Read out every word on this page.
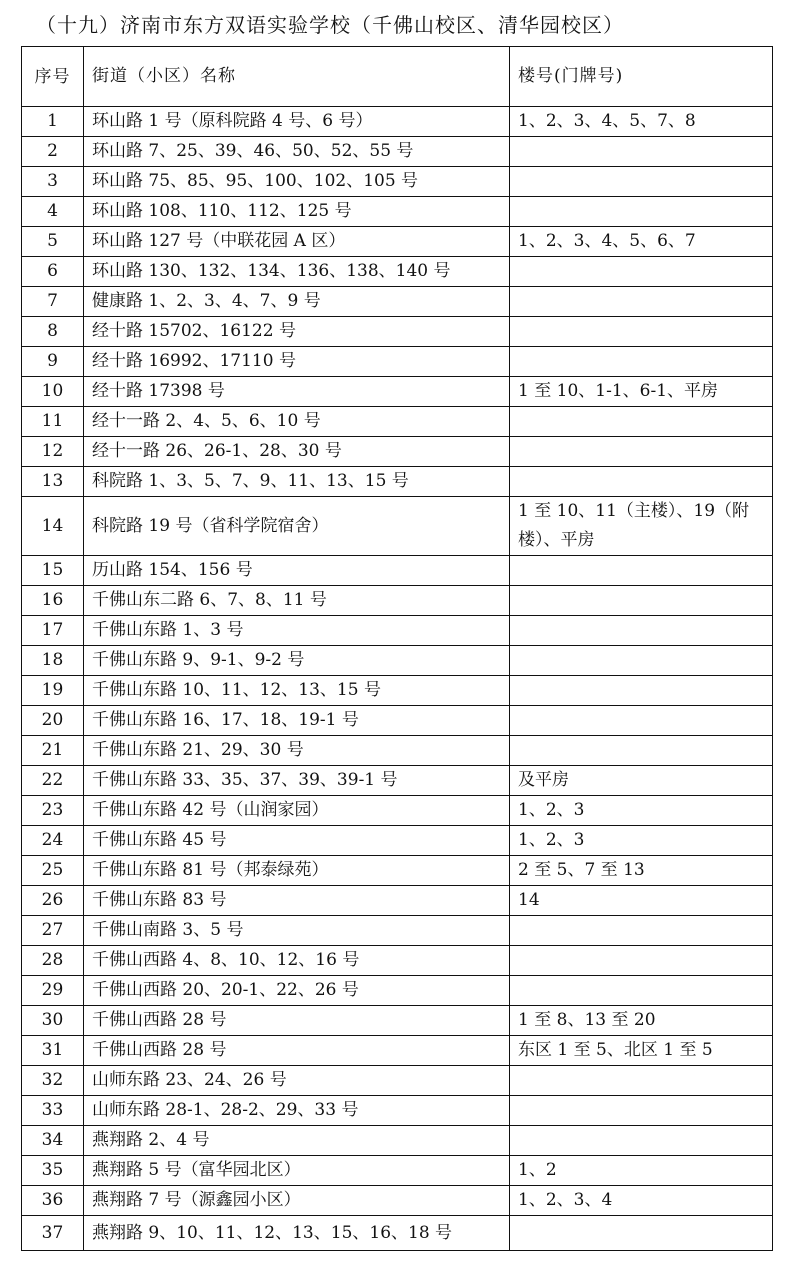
（十九）济南市东方双语实验学校（千佛山校区、清华园校区）
序号	街道（小区）名称	楼号(门牌号)
1	环山路 1 号（原科院路 4 号、6 号）	1、2、3、4、5、7、8
2	环山路 7、25、39、46、50、52、55 号	
3	环山路 75、85、95、100、102、105 号	
4	环山路 108、110、112、125 号	
5	环山路 127 号（中联花园 A 区）	1、2、3、4、5、6、7
6	环山路 130、132、134、136、138、140 号	
7	健康路 1、2、3、4、7、9 号	
8	经十路 15702、16122 号	
9	经十路 16992、17110 号	
10	经十路 17398 号	1 至 10、1-1、6-1、平房
11	经十一路 2、4、5、6、10 号	
12	经十一路 26、26-1、28、30 号	
13	科院路 1、3、5、7、9、11、13、15 号	
14	科院路 19 号（省科学院宿舍）	1 至 10、11（主楼）、19（附楼）、平房
15	历山路 154、156 号	
16	千佛山东二路 6、7、8、11 号	
17	千佛山东路 1、3 号	
18	千佛山东路 9、9-1、9-2 号	
19	千佛山东路 10、11、12、13、15 号	
20	千佛山东路 16、17、18、19-1 号	
21	千佛山东路 21、29、30 号	
22	千佛山东路 33、35、37、39、39-1 号	及平房
23	千佛山东路 42 号（山润家园）	1、2、3
24	千佛山东路 45 号	1、2、3
25	千佛山东路 81 号（邦泰绿苑）	2 至 5、7 至 13
26	千佛山东路 83 号	14
27	千佛山南路 3、5 号	
28	千佛山西路 4、8、10、12、16 号	
29	千佛山西路 20、20-1、22、26 号	
30	千佛山西路 28 号	1 至 8、13 至 20
31	千佛山西路 28 号	东区 1 至 5、北区 1 至 5
32	山师东路 23、24、26 号	
33	山师东路 28-1、28-2、29、33 号	
34	燕翔路 2、4 号	
35	燕翔路 5 号（富华园北区）	1、2
36	燕翔路 7 号（源鑫园小区）	1、2、3、4
37	燕翔路 9、10、11、12、13、15、16、18 号	
